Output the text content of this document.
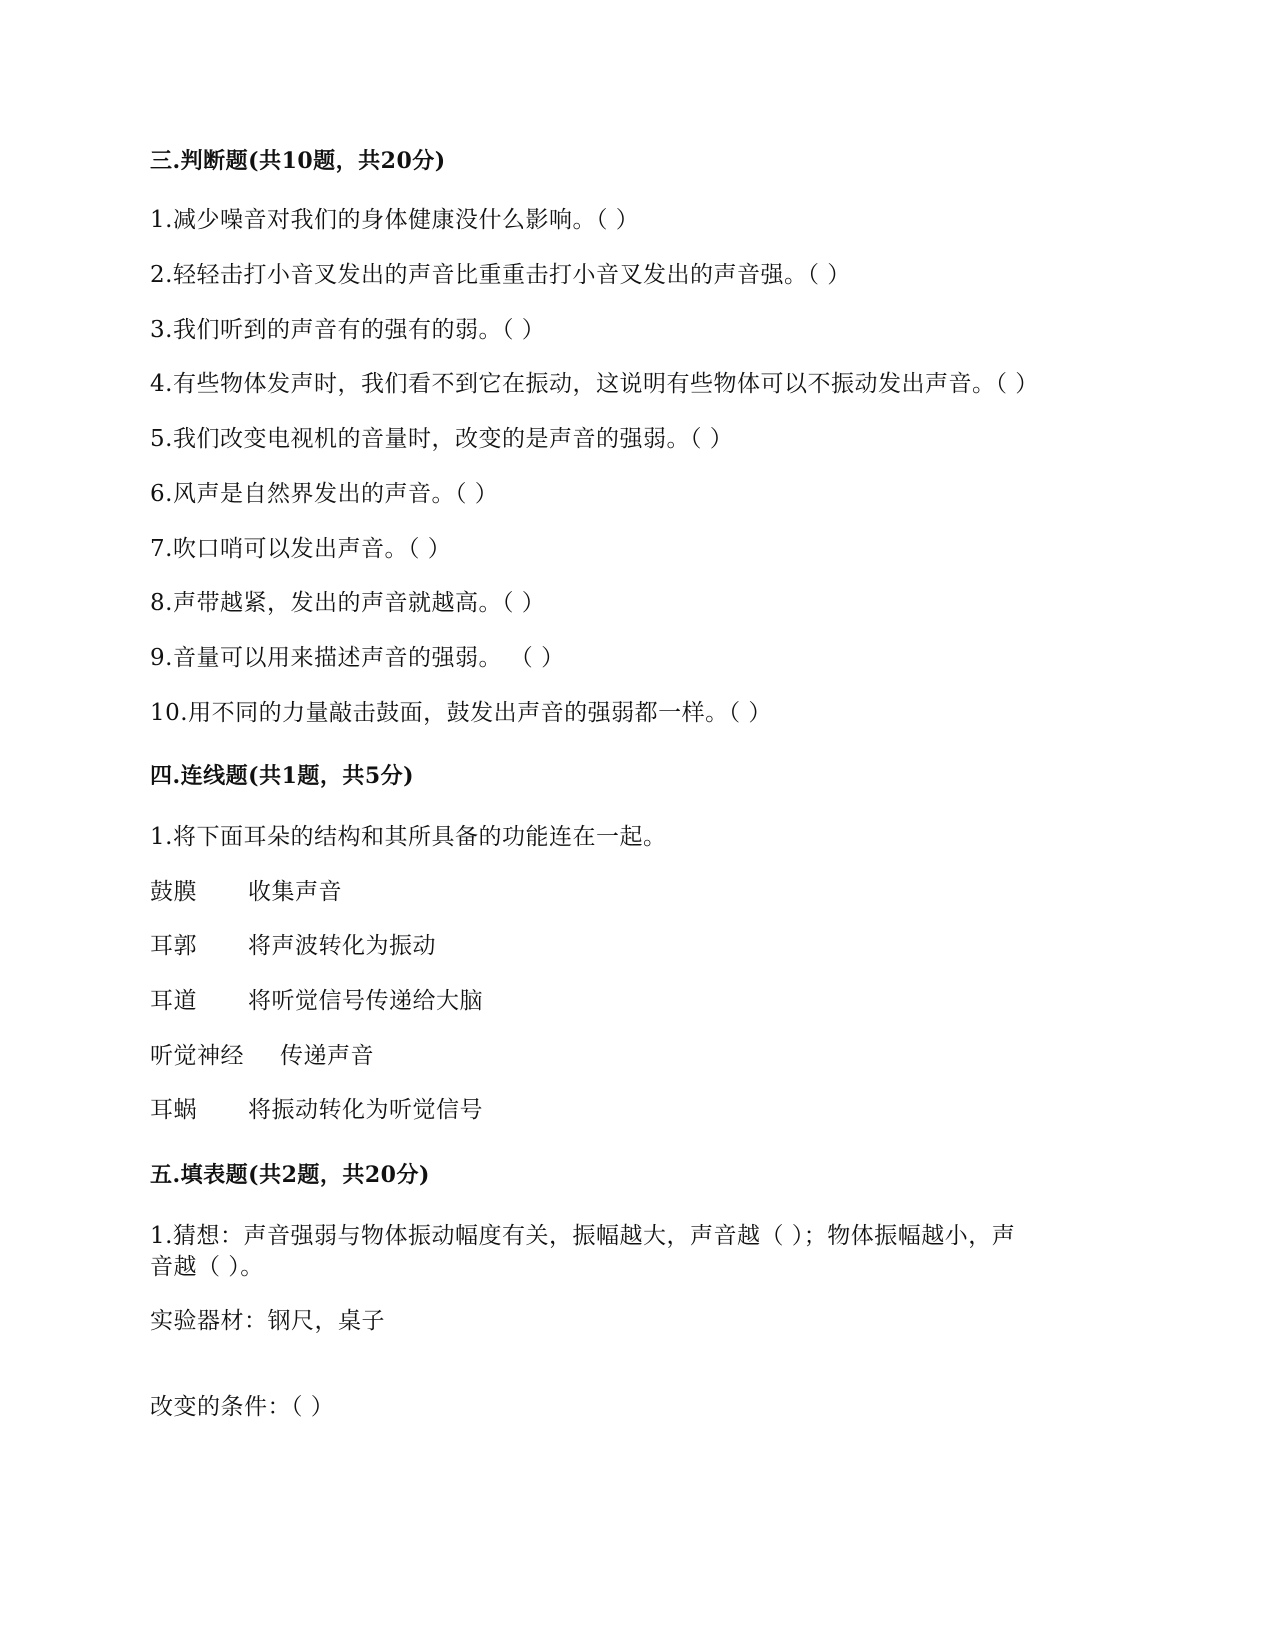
三.判断题(共10题，共20分)
1.减少噪音对我们的身体健康没什么影响。（ ）
2.轻轻击打小音叉发出的声音比重重击打小音叉发出的声音强。（ ）
3.我们听到的声音有的强有的弱。（ ）
4.有些物体发声时，我们看不到它在振动，这说明有些物体可以不振动发出声音。（ ）
5.我们改变电视机的音量时，改变的是声音的强弱。（ ）
6.风声是自然界发出的声音。（ ）
7.吹口哨可以发出声音。（ ）
8.声带越紧，发出的声音就越高。（ ）
9.音量可以用来描述声音的强弱。 （ ）
10.用不同的力量敲击鼓面，鼓发出声音的强弱都一样。（ ）
四.连线题(共1题，共5分)
1.将下面耳朵的结构和其所具备的功能连在一起。
鼓膜 收集声音
耳郭 将声波转化为振动
耳道 将听觉信号传递给大脑
听觉神经 传递声音
耳蜗 将振动转化为听觉信号
五.填表题(共2题，共20分)
1.猜想：声音强弱与物体振动幅度有关，振幅越大，声音越（ ）；物体振幅越小，声
音越（ ）。
实验器材：钢尺，桌子
改变的条件：（ ）
